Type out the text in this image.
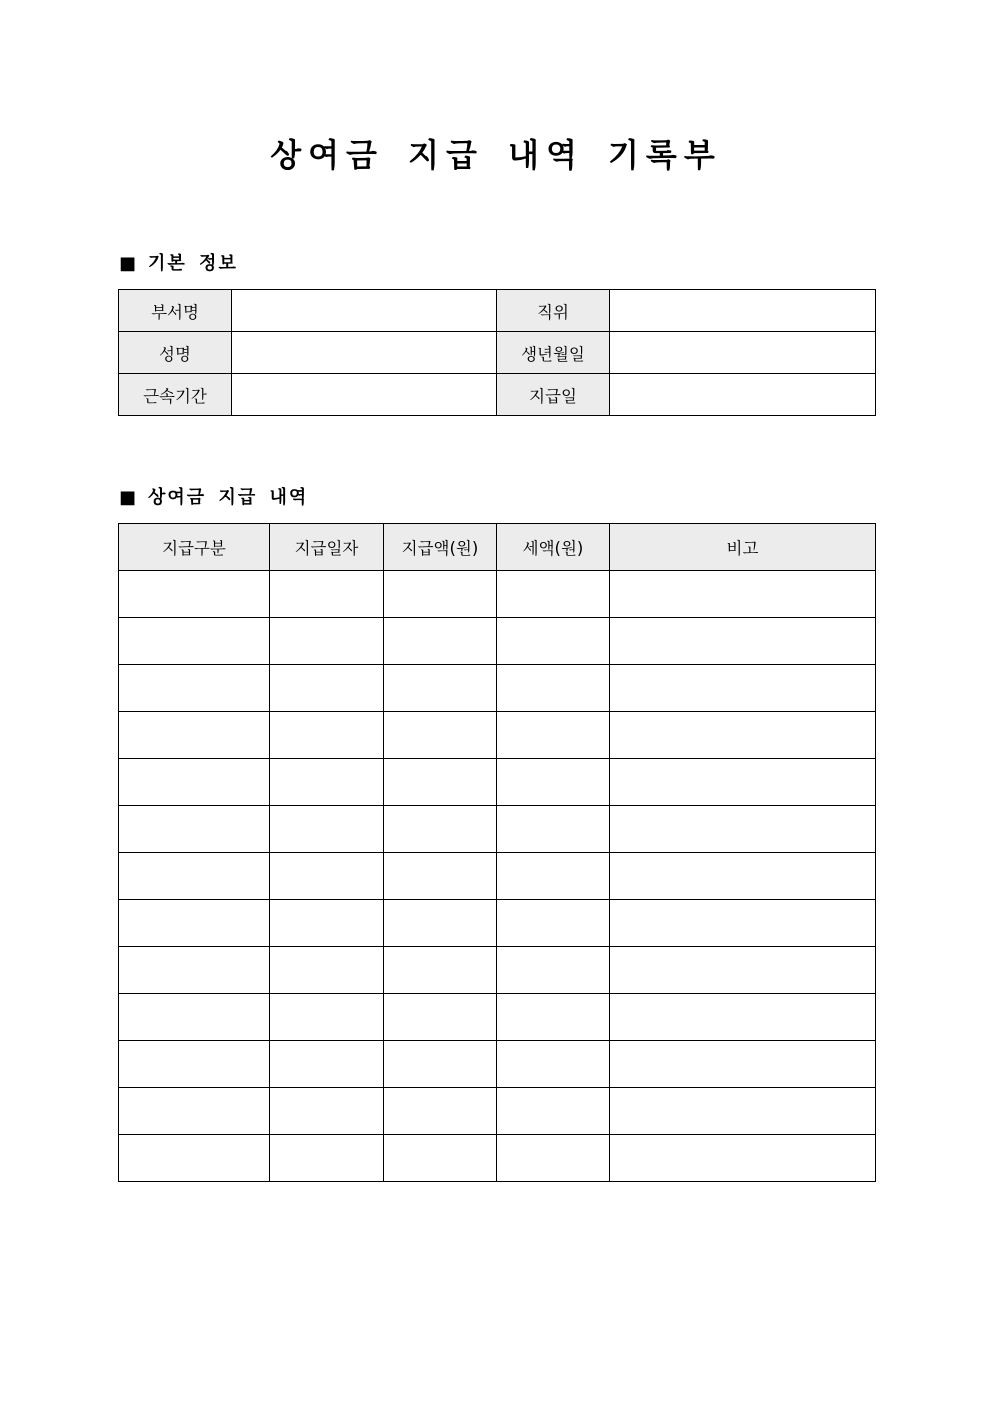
상여금 지급 내역 기록부
■ 기본 정보
부서명		직위	
성명		생년월일	
근속기간		지급일	
■ 상여금 지급 내역
지급구분	지급일자	지급액(원)	세액(원)	비고
